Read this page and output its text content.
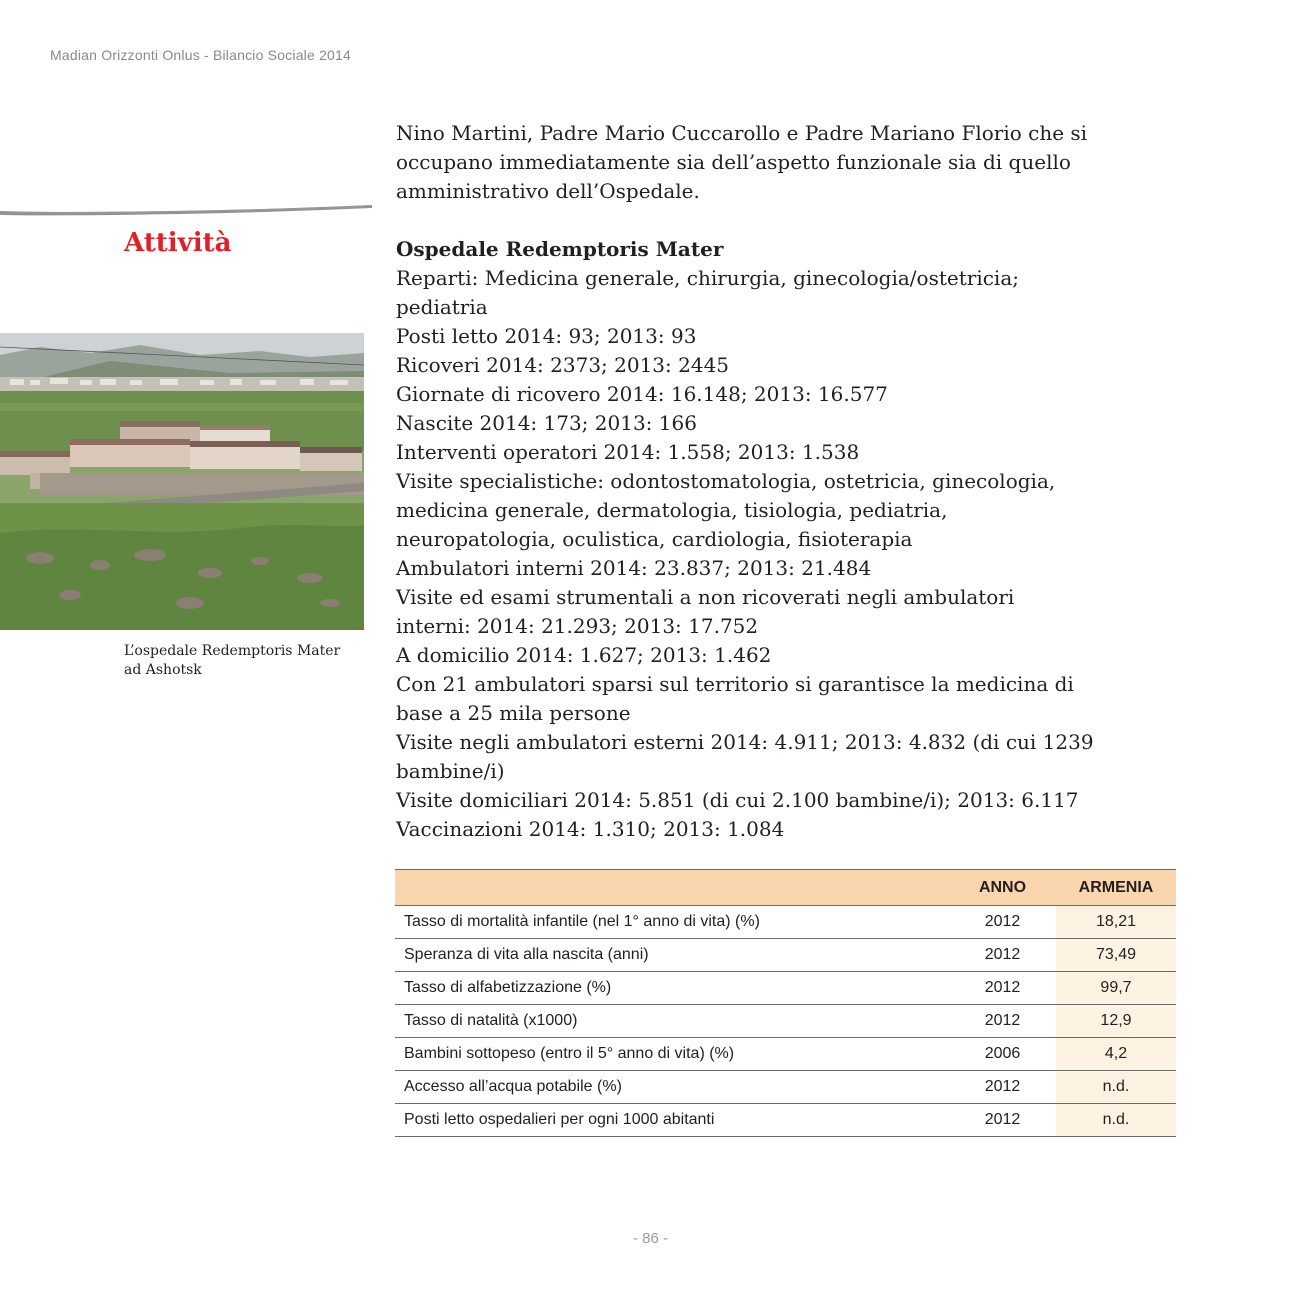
Madian Orizzonti Onlus - Bilancio Sociale 2014
Attività
L’ospedale Redemptoris Mater
ad Ashotsk

Nino Martini, Padre Mario Cuccarollo e Padre Mariano Florio che si
occupano immediatamente sia dell’aspetto funzionale sia di quello
amministrativo dell’Ospedale.

Ospedale Redemptoris Mater

Reparti: Medicina generale, chirurgia, ginecologia/ostetricia;

pediatria

Posti letto 2014: 93; 2013: 93

Ricoveri 2014: 2373; 2013: 2445

Giornate di ricovero 2014: 16.148; 2013: 16.577

Nascite 2014: 173; 2013: 166

Interventi operatori 2014: 1.558; 2013: 1.538

Visite specialistiche: odontostomatologia, ostetricia, ginecologia,

medicina generale, dermatologia, tisiologia, pediatria,

neuropatologia, oculistica, cardiologia, fisioterapia

Ambulatori interni 2014: 23.837; 2013: 21.484

Visite ed esami strumentali a non ricoverati negli ambulatori

interni: 2014: 21.293; 2013: 17.752

A domicilio 2014: 1.627; 2013: 1.462

Con 21 ambulatori sparsi sul territorio si garantisce la medicina di

base a 25 mila persone

Visite negli ambulatori esterni 2014: 4.911; 2013: 4.832 (di cui 1239

bambine/i)

Visite domiciliari 2014: 5.851 (di cui 2.100 bambine/i); 2013: 6.117

Vaccinazioni 2014: 1.310; 2013: 1.084

	ANNO	ARMENIA
Tasso di mortalità infantile (nel 1° anno di vita) (%)	2012	18,21
Speranza di vita alla nascita (anni)	2012	73,49
Tasso di alfabetizzazione (%)	2012	99,7
Tasso di natalità (x1000)	2012	12,9
Bambini sottopeso (entro il 5° anno di vita) (%)	2006	4,2
Accesso all’acqua potabile (%)	2012	n.d.
Posti letto ospedalieri per ogni 1000 abitanti	2012	n.d.
- 86 -
